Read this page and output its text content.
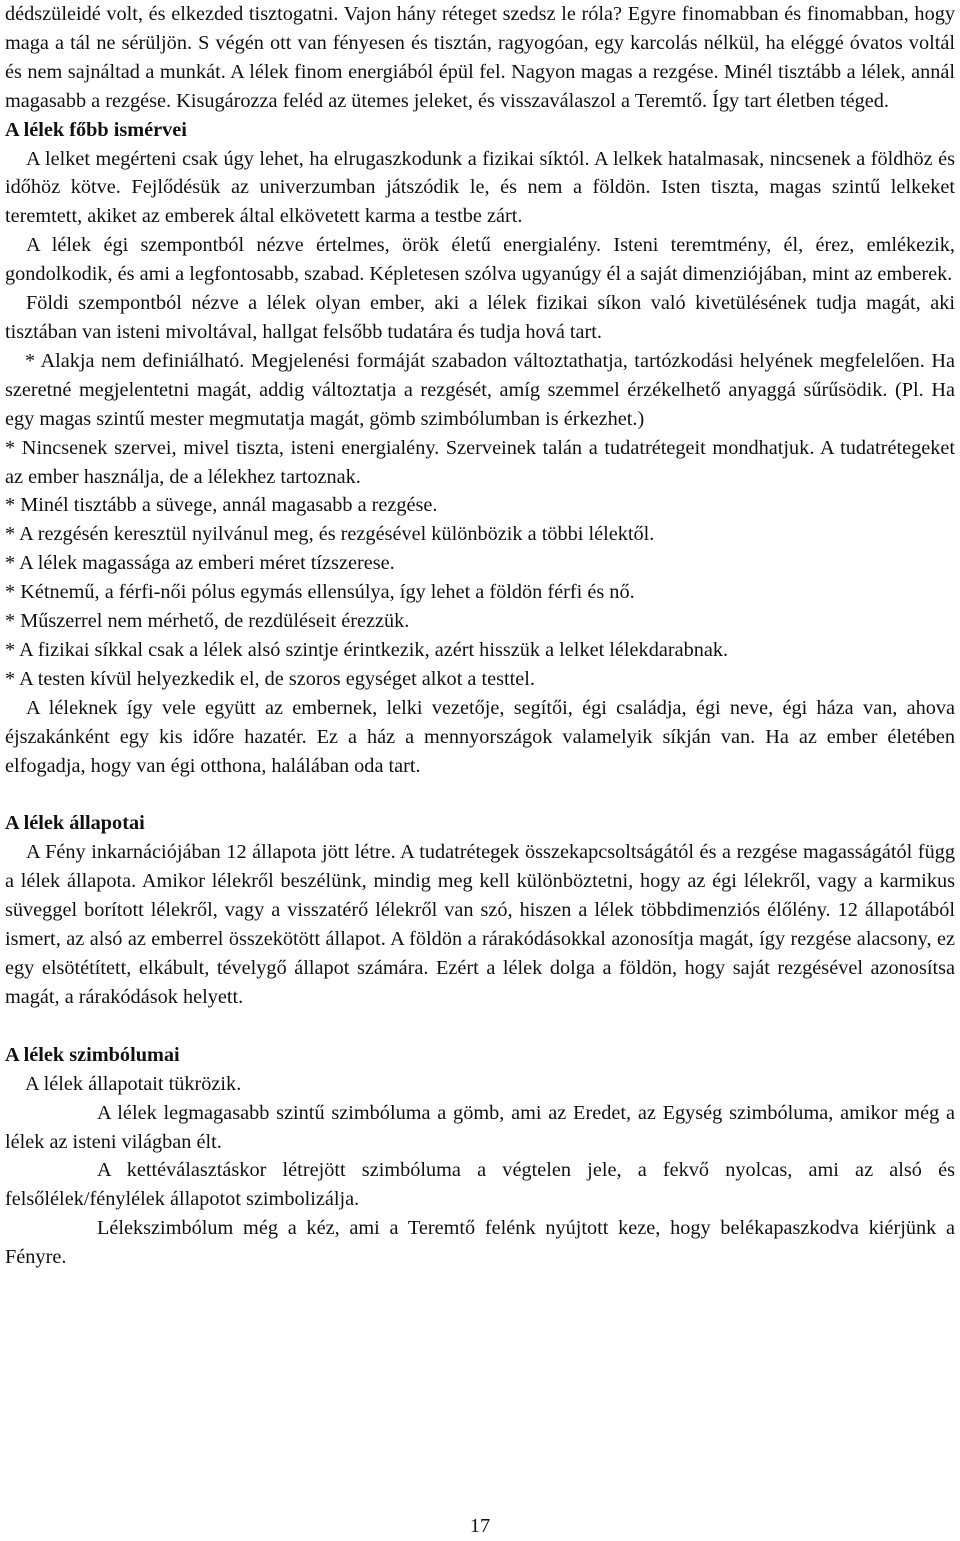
dédszüleidé volt, és elkezded tisztogatni. Vajon hány réteget szedsz le róla? Egyre finomabban és finomabban, hogy maga a tál ne sérüljön. S végén ott van fényesen és tisztán, ragyogóan, egy karcolás nélkül, ha eléggé óvatos voltál és nem sajnáltad a munkát. A lélek finom energiából épül fel. Nagyon magas a rezgése. Minél tisztább a lélek, annál magasabb a rezgése. Kisugározza feléd az ütemes jeleket, és visszaválaszol a Teremtő. Így tart életben téged.

A lélek főbb ismérvei

A lelket megérteni csak úgy lehet, ha elrugaszkodunk a fizikai síktól. A lelkek hatalmasak, nincsenek a földhöz és időhöz kötve. Fejlődésük az univerzumban játszódik le, és nem a földön. Isten tiszta, magas szintű lelkeket teremtett, akiket az emberek által elkövetett karma a testbe zárt.

A lélek égi szempontból nézve értelmes, örök életű energialény. Isteni teremtmény, él, érez, emlékezik, gondolkodik, és ami a legfontosabb, szabad. Képletesen szólva ugyanúgy él a saját dimenziójában, mint az emberek.

Földi szempontból nézve a lélek olyan ember, aki a lélek fizikai síkon való kivetülésének tudja magát, aki tisztában van isteni mivoltával, hallgat felsőbb tudatára és tudja hová tart.

* Alakja nem definiálható. Megjelenési formáját szabadon változtathatja, tartózkodási helyének megfelelően. Ha szeretné megjelentetni magát, addig változtatja a rezgését, amíg szemmel érzékelhető anyaggá sűrűsödik. (Pl. Ha egy magas szintű mester megmutatja magát, gömb szimbólumban is érkezhet.)

* Nincsenek szervei, mivel tiszta, isteni energialény. Szerveinek talán a tudatrétegeit mondhatjuk. A tudatrétegeket az ember használja, de a lélekhez tartoznak.

* Minél tisztább a süvege, annál magasabb a rezgése.

* A rezgésén keresztül nyilvánul meg, és rezgésével különbözik a többi lélektől.

* A lélek magassága az emberi méret tízszerese.

* Kétnemű, a férfi-női pólus egymás ellensúlya, így lehet a földön férfi és nő.

* Műszerrel nem mérhető, de rezdüléseit érezzük.

* A fizikai síkkal csak a lélek alsó szintje érintkezik, azért hisszük a lelket lélekdarabnak.

* A testen kívül helyezkedik el, de szoros egységet alkot a testtel.

A léleknek így vele együtt az embernek, lelki vezetője, segítői, égi családja, égi neve, égi háza van, ahova éjszakánként egy kis időre hazatér. Ez a ház a mennyországok valamelyik síkján van. Ha az ember életében elfogadja, hogy van égi otthona, halálában oda tart.

A lélek állapotai

A Fény inkarnációjában 12 állapota jött létre. A tudatrétegek összekapcsoltságától és a rezgése magasságától függ a lélek állapota. Amikor lélekről beszélünk, mindig meg kell különböztetni, hogy az égi lélekről, vagy a karmikus süveggel borított lélekről, vagy a visszatérő lélekről van szó, hiszen a lélek többdimenziós élőlény. 12 állapotából ismert, az alsó az emberrel összekötött állapot. A földön a rárakódásokkal azonosítja magát, így rezgése alacsony, ez egy elsötétített, elkábult, tévelygő állapot számára. Ezért a lélek dolga a földön, hogy saját rezgésével azonosítsa magát, a rárakódások helyett.

A lélek szimbólumai

A lélek állapotait tükrözik.

A lélek legmagasabb szintű szimbóluma a gömb, ami az Eredet, az Egység szimbóluma, amikor még a lélek az isteni világban élt.

A kettéválasztáskor létrejött szimbóluma a végtelen jele, a fekvő nyolcas, ami az alsó és felsőlélek/fénylélek állapotot szimbolizálja.

Lélekszimbólum még a kéz, ami a Teremtő felénk nyújtott keze, hogy belékapaszkodva kiérjünk a Fényre.

17
